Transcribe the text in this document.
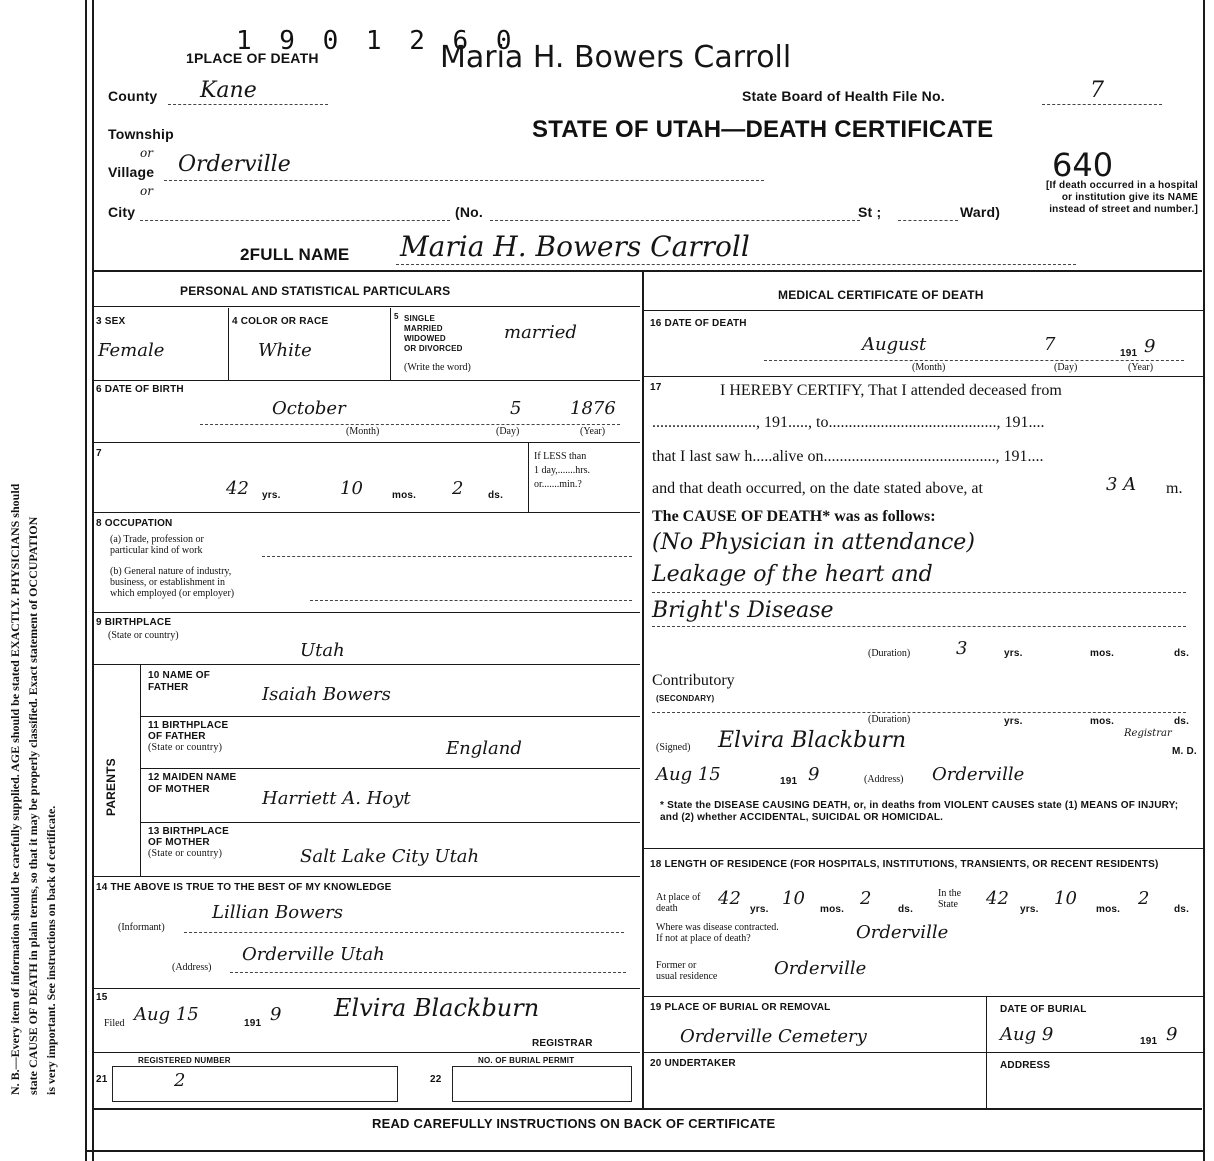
N. B.—Every item of information should be carefully supplied. AGE should be stated EXACTLY. PHYSICIANS should state CAUSE OF DEATH in plain terms, so that it may be properly classified. Exact statement of OCCUPATION is very important. See instructions on back of certificate.
1 9 0 1 2 6 0
1PLACE OF DEATH	Maria H. Bowers Carroll
County Kane	State Board of Health File No.	7
Township
or
STATE OF UTAH—DEATH CERTIFICATE
Village Orderville
or
640
[If death occurred in a hospital or institution give its NAME instead of street and number.]
City	(No.	St ;	Ward)
2FULL NAME Maria H. Bowers Carroll
PERSONAL AND STATISTICAL PARTICULARS
3 SEX
Female
4 COLOR OR RACE
White
5 SINGLE
MARRIED
WIDOWED
OR DIVORCED
(Write the word)
married
6 DATE OF BIRTH
October	5	1876
(Month)	(Day)	(Year)
7
42 yrs.	10	mos. 2 ds.
If LESS than
1 day,.......hrs.
or.......min.?
8 OCCUPATION
(a) Trade, profession or
particular kind of work
(b) General nature of industry,
business, or establishment in
which employed (or employer)
9 BIRTHPLACE
(State or country)
Utah
PARENTS
10 NAME OF
FATHER	Isaiah Bowers
11 BIRTHPLACE
OF FATHER
(State or country)	England
12 MAIDEN NAME
OF MOTHER	Harriett A. Hoyt
13 BIRTHPLACE
OF MOTHER
(State or country)	Salt Lake City Utah
14 THE ABOVE IS TRUE TO THE BEST OF MY KNOWLEDGE
(Informant)
Lillian Bowers
(Address)
Orderville Utah
15
Filed Aug 15	191 9 Elvira Blackburn
REGISTRAR
REGISTERED NUMBER	NO. OF BURIAL PERMIT
21	2	22
MEDICAL CERTIFICATE OF DEATH
16 DATE OF DEATH
August	7	191 9
(Month)	(Day)	(Year)
17	I HEREBY CERTIFY, That I attended deceased from
.........................., 191....., to.........................................., 191....
that I last saw h.....alive on..........................................., 191....
and that death occurred, on the date stated above, at	3 A m.
The CAUSE OF DEATH* was as follows:
(No Physician in attendance)
Leakage of the heart and
Bright's Disease
(Duration)	3	yrs.	mos.	ds.
Contributory
(SECONDARY)
(Duration)	yrs.	mos.	ds.
(Signed) Elvira Blackburn	Registrar
M. D.
Aug 15	191 9	(Address) Orderville
* State the DISEASE CAUSING DEATH, or, in deaths from VIOLENT CAUSES state (1) MEANS OF INJURY; and (2) whether ACCIDENTAL, SUICIDAL OR HOMICIDAL.
18 LENGTH OF RESIDENCE (FOR HOSPITALS, INSTITUTIONS, TRANSIENTS, OR RECENT RESIDENTS)
At place of death	42
yrs.
10
mos.
2
ds.
In the State	42
yrs.
10
mos.
2
ds.
Where was disease contracted.
If not at place of death?	Orderville
Former or
usual residence	Orderville
19 PLACE OF BURIAL OR REMOVAL
Orderville Cemetery
DATE OF BURIAL
Aug 9	191 9
20 UNDERTAKER	ADDRESS
READ CAREFULLY INSTRUCTIONS ON BACK OF CERTIFICATE
